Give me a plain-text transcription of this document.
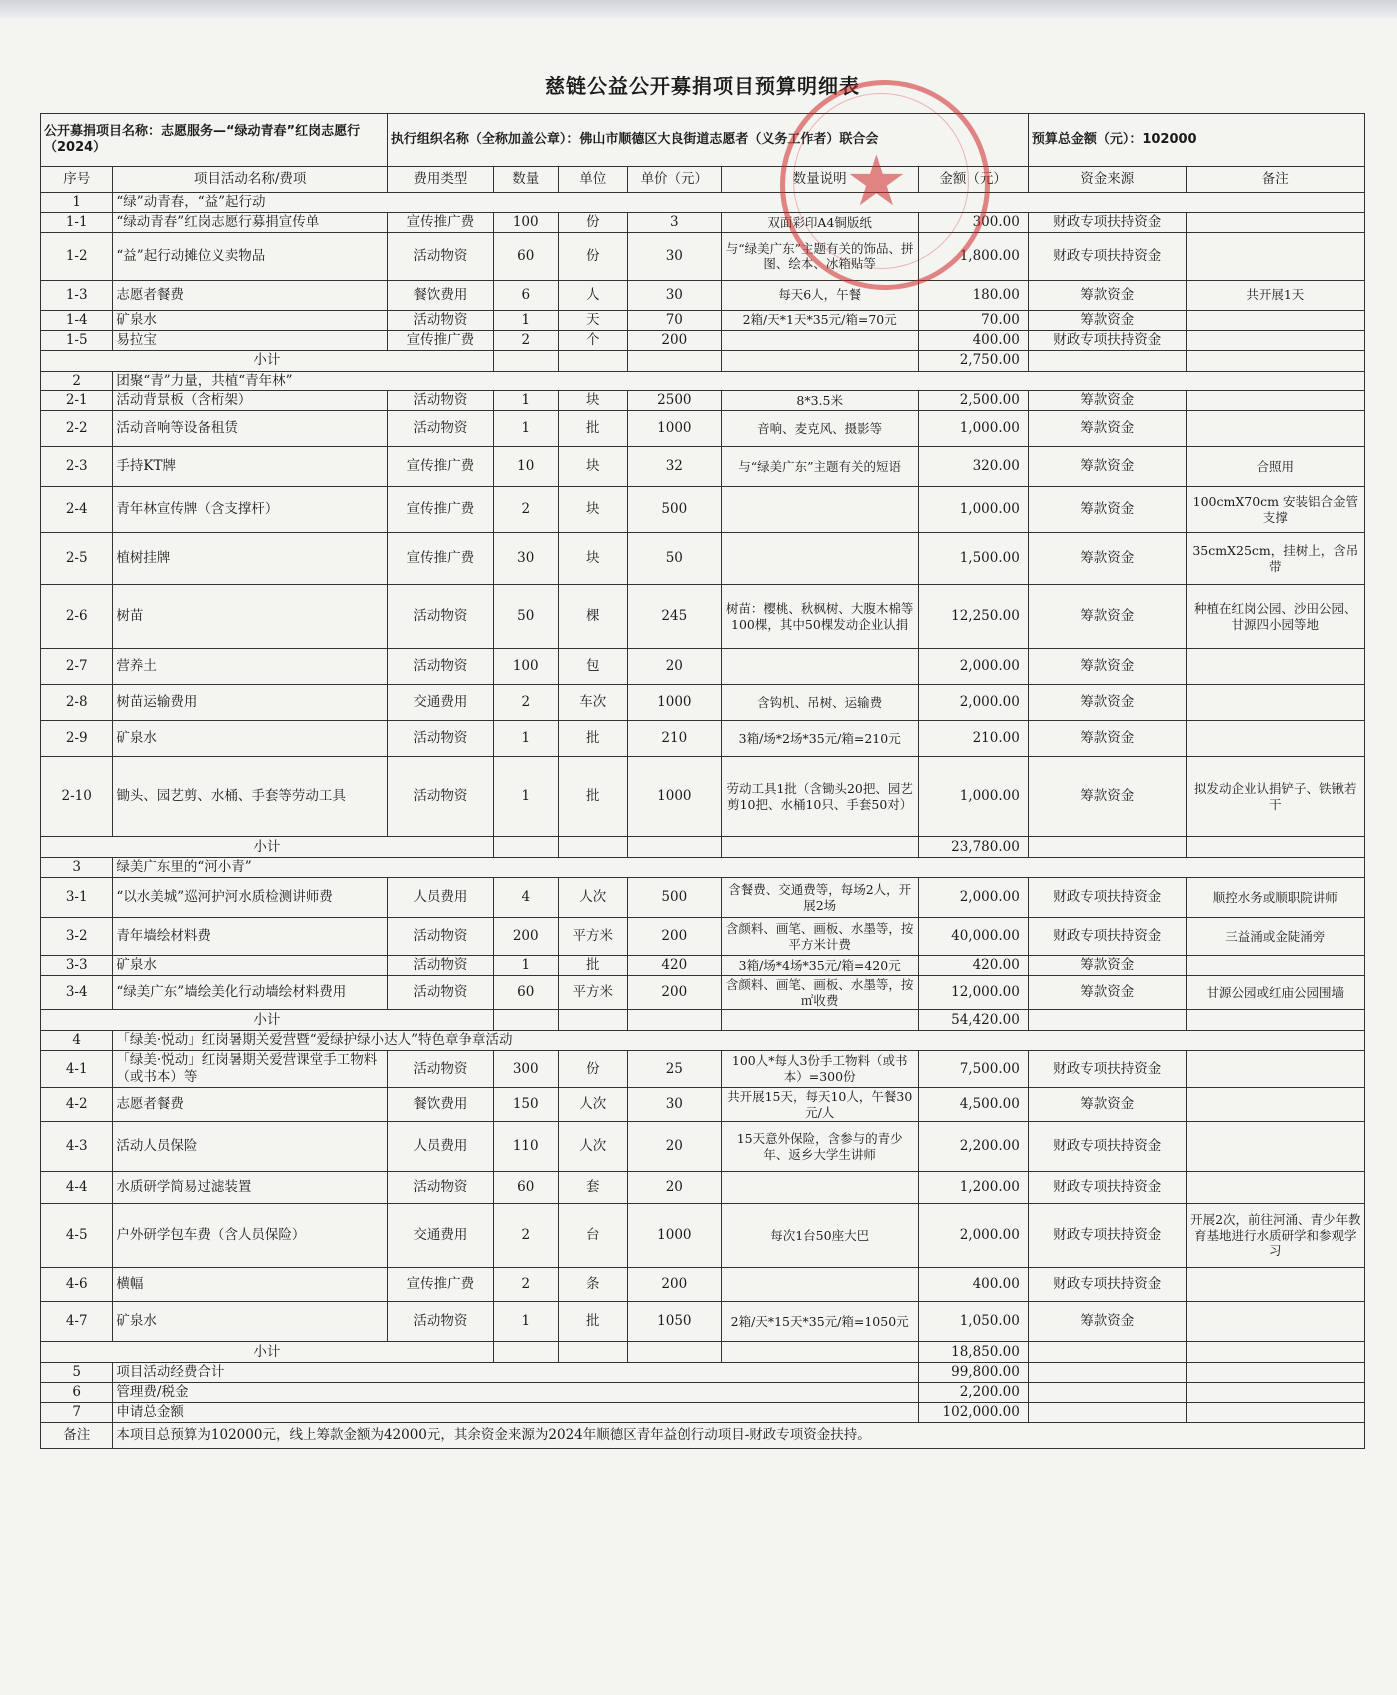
慈链公益公开募捐项目预算明细表
公开募捐项目名称：志愿服务—“绿动青春”红岗志愿行（2024）		执行组织名称（全称加盖公章）：佛山市顺德区大良街道志愿者（义务工作者）联合会						预算总金额（元）：102000	
序号	项目活动名称/费项	费用类型	数量	单位	单价（元）	数量说明	金额（元）	资金来源	备注
1	“绿”动青春，“益”起行动								
1-1	“绿动青春”红岗志愿行募捐宣传单	宣传推广费	100	份	3	双面彩印A4铜版纸	300.00	财政专项扶持资金	
1-2	“益”起行动摊位义卖物品	活动物资	60	份	30	与“绿美广东”主题有关的饰品、拼图、绘本、冰箱贴等	1,800.00	财政专项扶持资金	
1-3	志愿者餐费	餐饮费用	6	人	30	每天6人，午餐	180.00	筹款资金	共开展1天
1-4	矿泉水	活动物资	1	天	70	2箱/天*1天*35元/箱=70元	70.00	筹款资金	
1-5	易拉宝	宣传推广费	2	个	200		400.00	财政专项扶持资金	
小计							2,750.00		
2	团聚“青”力量，共植“青年林”								
2-1	活动背景板（含桁架）	活动物资	1	块	2500	8*3.5米	2,500.00	筹款资金	
2-2	活动音响等设备租赁	活动物资	1	批	1000	音响、麦克风、摄影等	1,000.00	筹款资金	
2-3	手持KT牌	宣传推广费	10	块	32	与“绿美广东”主题有关的短语	320.00	筹款资金	合照用
2-4	青年林宣传牌（含支撑杆）	宣传推广费	2	块	500		1,000.00	筹款资金	100cmX70cm 安装铝合金管支撑
2-5	植树挂牌	宣传推广费	30	块	50		1,500.00	筹款资金	35cmX25cm，挂树上，含吊带
2-6	树苗	活动物资	50	棵	245	树苗：樱桃、秋枫树、大腹木棉等100棵，其中50棵发动企业认捐	12,250.00	筹款资金	种植在红岗公园、沙田公园、甘源四小园等地
2-7	营养土	活动物资	100	包	20		2,000.00	筹款资金	
2-8	树苗运输费用	交通费用	2	车次	1000	含钩机、吊树、运输费	2,000.00	筹款资金	
2-9	矿泉水	活动物资	1	批	210	3箱/场*2场*35元/箱=210元	210.00	筹款资金	
2-10	锄头、园艺剪、水桶、手套等劳动工具	活动物资	1	批	1000	劳动工具1批（含锄头20把、园艺剪10把、水桶10只、手套50对）	1,000.00	筹款资金	拟发动企业认捐铲子、铁锹若干
小计							23,780.00		
3	绿美广东里的“河小青”								
3-1	“以水美城”巡河护河水质检测讲师费	人员费用	4	人次	500	含餐费、交通费等，每场2人，开展2场	2,000.00	财政专项扶持资金	顺控水务或顺职院讲师
3-2	青年墙绘材料费	活动物资	200	平方米	200	含颜料、画笔、画板、水墨等，按平方米计费	40,000.00	财政专项扶持资金	三益涌或金陡涌旁
3-3	矿泉水	活动物资	1	批	420	3箱/场*4场*35元/箱=420元	420.00	筹款资金	
3-4	“绿美广东”墙绘美化行动墙绘材料费用	活动物资	60	平方米	200	含颜料、画笔、画板、水墨等，按㎡收费	12,000.00	筹款资金	甘源公园或红庙公园围墙
小计							54,420.00		
4	「绿美·悦动」红岗暑期关爱营暨“爱绿护绿小达人”特色章争章活动								
4-1	「绿美·悦动」红岗暑期关爱营课堂手工物料（或书本）等	活动物资	300	份	25	100人*每人3份手工物料（或书本）=300份	7,500.00	财政专项扶持资金	
4-2	志愿者餐费	餐饮费用	150	人次	30	共开展15天，每天10人，午餐30元/人	4,500.00	筹款资金	
4-3	活动人员保险	人员费用	110	人次	20	15天意外保险，含参与的青少年、返乡大学生讲师	2,200.00	财政专项扶持资金	
4-4	水质研学简易过滤装置	活动物资	60	套	20		1,200.00	财政专项扶持资金	
4-5	户外研学包车费（含人员保险）	交通费用	2	台	1000	每次1台50座大巴	2,000.00	财政专项扶持资金	开展2次，前往河涌、青少年教育基地进行水质研学和参观学习
4-6	横幅	宣传推广费	2	条	200		400.00	财政专项扶持资金	
4-7	矿泉水	活动物资	1	批	1050	2箱/天*15天*35元/箱=1050元	1,050.00	筹款资金	
小计							18,850.00		
5	项目活动经费合计						99,800.00		
6	管理费/税金						2,200.00		
7	申请总金额						102,000.00		
备注	本项目总预算为102000元，线上筹款金额为42000元，其余资金来源为2024年顺德区青年益创行动项目-财政专项资金扶持。								
★
